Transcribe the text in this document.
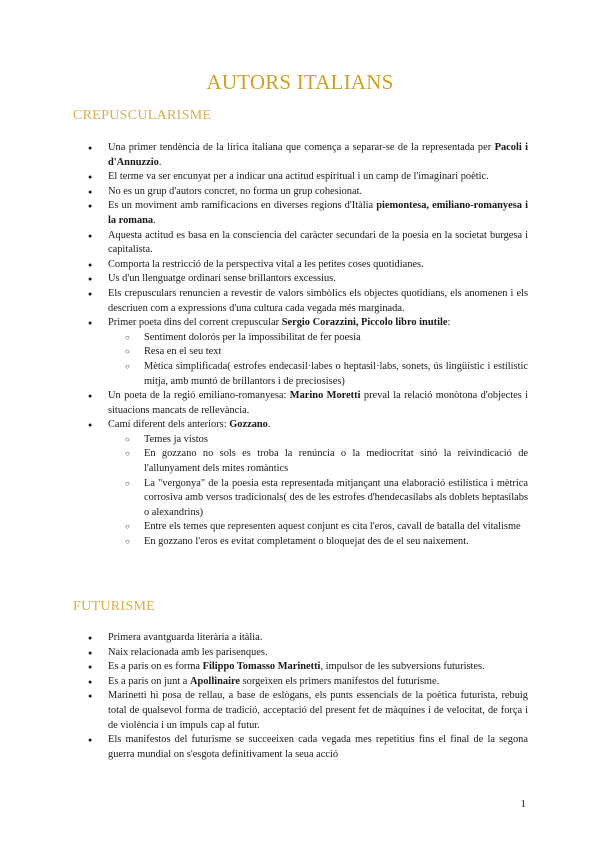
AUTORS ITALIANS
CREPUSCULARISME
● Una primer tendència de la lírica italiana que comença a separar-se de la representada per Pacoli i d'Annuzzio.
● El terme va ser encunyat per a indicar una actitud espiritual i un camp de l'imaginari poètic.
● No es un grup d'autors concret, no forma un grup cohesionat.
● Es un moviment amb ramificacions en diverses regions d'Itàlia piemontesa, emiliano-romanyesa i la romana.
● Aquesta actitud es basa en la consciencia del caràcter secundari de la poesia en la societat burgesa i capitalista.
● Comporta la restricció de la perspectiva vital a les petites coses quotidianes.
● Us d'un llenguatge ordinari sense brillantors excessius.
● Els crepusculars renuncien a revestir de valors simbòlics els objectes quotidians, els anomenen i els descriuen com a expressions d'una cultura cada vegada més marginada.
● Primer poeta dins del corrent crepuscular Sergio Corazzini, Piccolo libro inutile:
○ Sentiment dolorós per la impossibilitat de fer poesia
○ Resa en el seu text
○ Mètica simplificada( estrofes endecasil·labes o heptasil·labs, sonets, ús lingüístic i estilístic mitja, amb muntó de brillantors i de preciosises)
● Un poeta de la regió emiliano-romanyesa: Marino Moretti preval la relació monòtona d'objectes i situacions mancats de rellevància.
● Camí diferent dels anteriors: Gozzano.
○ Temes ja vistos
○ En gozzano no sols es troba la renúncia o la mediocritat sinó la reivindicació de l'allunyament dels mites romàntics
○ La "vergonya" de la poesia esta representada mitjançant una elaboració estilística i mètrica corrosiva amb versos tradicionals( des de les estrofes d'hendecasílabs als doblets heptasílabs o alexandrins)
○ Entre els temes que representen aquest conjunt es cita l'eros, cavall de batalla del vitalisme
○ En gozzano l'eros es evitat completament o bloquejat des de el seu naixement.
FUTURISME
● Primera avantguarda literària a itàlia.
● Naix relacionada amb les parisenques.
● Es a paris on es forma Filippo Tomasso Marinetti, impulsor de les subversions futuristes.
● Es a paris on junt a Apollinaire sorgeixen els primers manifestos del futurisme.
● Marinetti hi posa de rellau, a base de eslògans, els punts essencials de la poètica futurista, rebuig total de qualsevol forma de tradició, acceptació del present fet de màquines i de velocitat, de força i de violència i un impuls cap al futur.
● Els manifestos del futurisme se succeeixen cada vegada mes repetitius fins el final de la segona guerra mundial on s'esgota definitivament la seua acció
1
